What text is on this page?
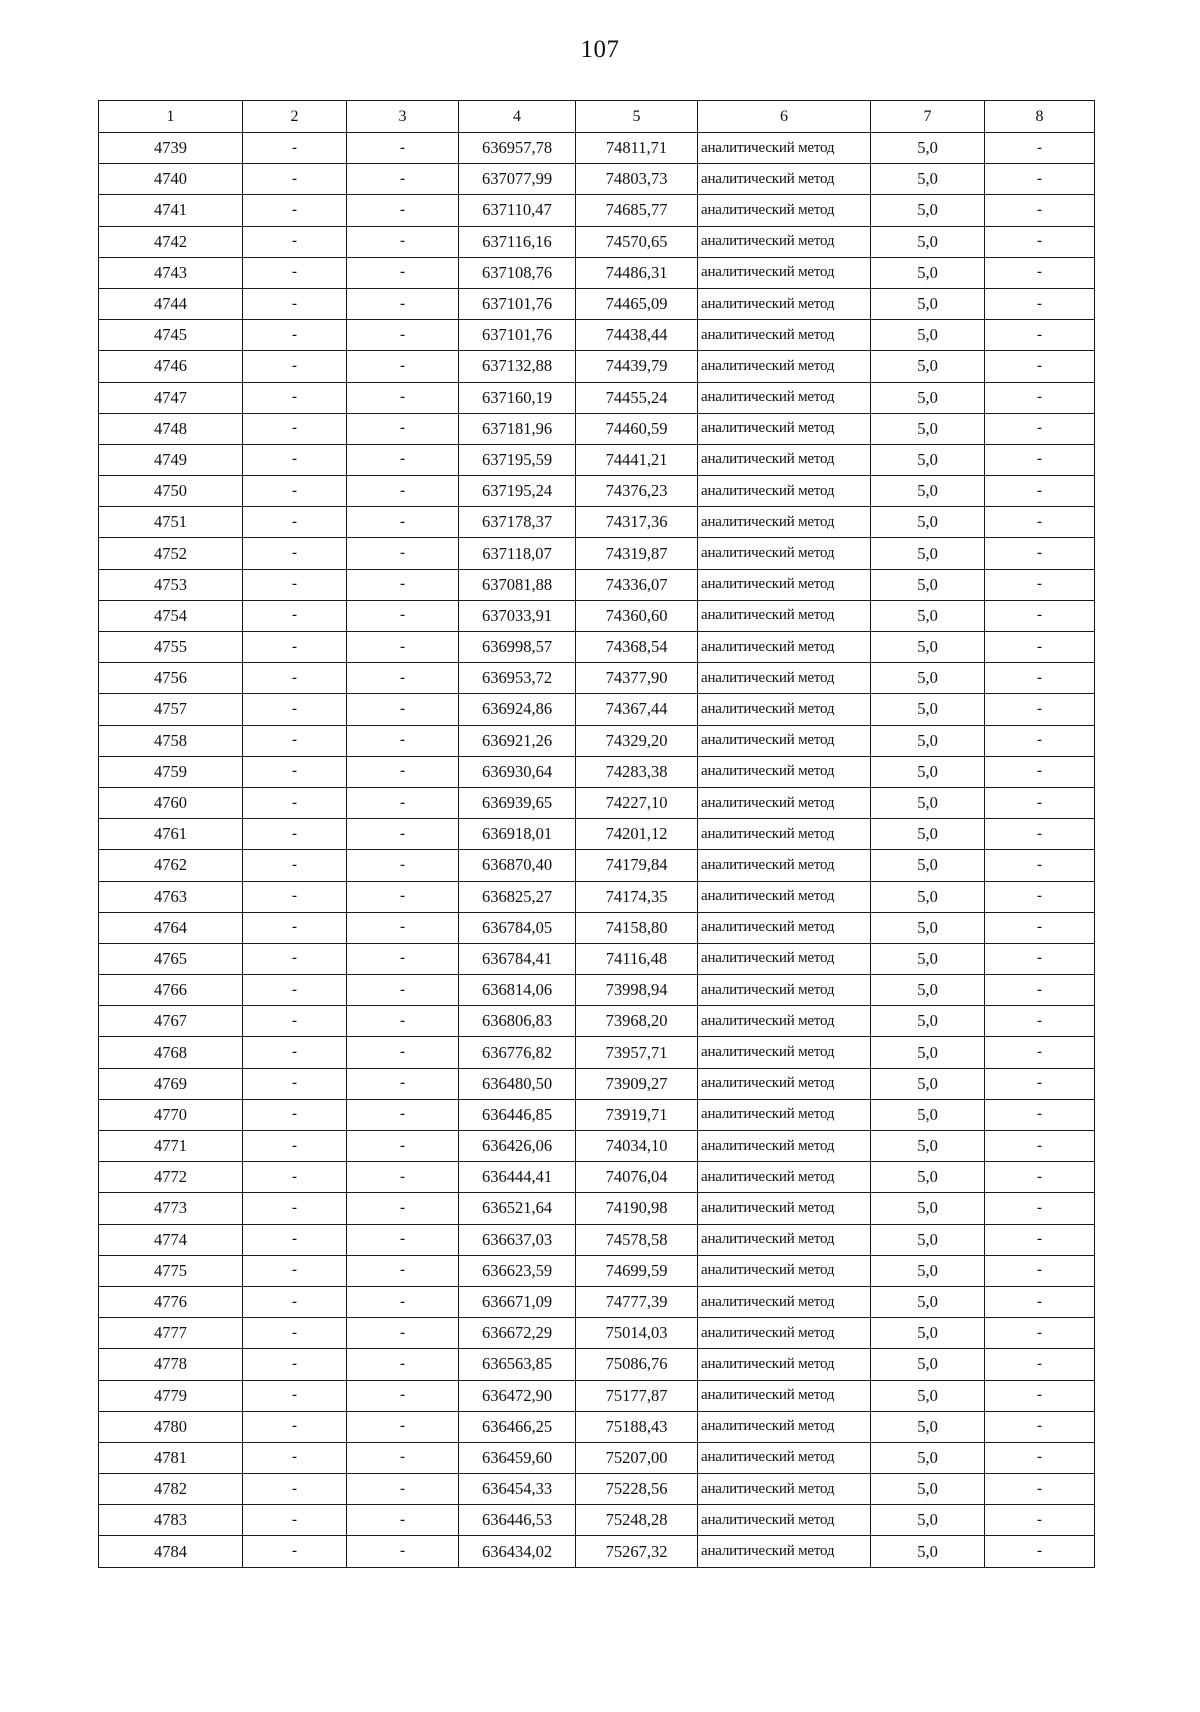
107
1	2	3	4	5	6	7	8
4739	-	-	636957,78	74811,71	аналитический метод	5,0	-
4740	-	-	637077,99	74803,73	аналитический метод	5,0	-
4741	-	-	637110,47	74685,77	аналитический метод	5,0	-
4742	-	-	637116,16	74570,65	аналитический метод	5,0	-
4743	-	-	637108,76	74486,31	аналитический метод	5,0	-
4744	-	-	637101,76	74465,09	аналитический метод	5,0	-
4745	-	-	637101,76	74438,44	аналитический метод	5,0	-
4746	-	-	637132,88	74439,79	аналитический метод	5,0	-
4747	-	-	637160,19	74455,24	аналитический метод	5,0	-
4748	-	-	637181,96	74460,59	аналитический метод	5,0	-
4749	-	-	637195,59	74441,21	аналитический метод	5,0	-
4750	-	-	637195,24	74376,23	аналитический метод	5,0	-
4751	-	-	637178,37	74317,36	аналитический метод	5,0	-
4752	-	-	637118,07	74319,87	аналитический метод	5,0	-
4753	-	-	637081,88	74336,07	аналитический метод	5,0	-
4754	-	-	637033,91	74360,60	аналитический метод	5,0	-
4755	-	-	636998,57	74368,54	аналитический метод	5,0	-
4756	-	-	636953,72	74377,90	аналитический метод	5,0	-
4757	-	-	636924,86	74367,44	аналитический метод	5,0	-
4758	-	-	636921,26	74329,20	аналитический метод	5,0	-
4759	-	-	636930,64	74283,38	аналитический метод	5,0	-
4760	-	-	636939,65	74227,10	аналитический метод	5,0	-
4761	-	-	636918,01	74201,12	аналитический метод	5,0	-
4762	-	-	636870,40	74179,84	аналитический метод	5,0	-
4763	-	-	636825,27	74174,35	аналитический метод	5,0	-
4764	-	-	636784,05	74158,80	аналитический метод	5,0	-
4765	-	-	636784,41	74116,48	аналитический метод	5,0	-
4766	-	-	636814,06	73998,94	аналитический метод	5,0	-
4767	-	-	636806,83	73968,20	аналитический метод	5,0	-
4768	-	-	636776,82	73957,71	аналитический метод	5,0	-
4769	-	-	636480,50	73909,27	аналитический метод	5,0	-
4770	-	-	636446,85	73919,71	аналитический метод	5,0	-
4771	-	-	636426,06	74034,10	аналитический метод	5,0	-
4772	-	-	636444,41	74076,04	аналитический метод	5,0	-
4773	-	-	636521,64	74190,98	аналитический метод	5,0	-
4774	-	-	636637,03	74578,58	аналитический метод	5,0	-
4775	-	-	636623,59	74699,59	аналитический метод	5,0	-
4776	-	-	636671,09	74777,39	аналитический метод	5,0	-
4777	-	-	636672,29	75014,03	аналитический метод	5,0	-
4778	-	-	636563,85	75086,76	аналитический метод	5,0	-
4779	-	-	636472,90	75177,87	аналитический метод	5,0	-
4780	-	-	636466,25	75188,43	аналитический метод	5,0	-
4781	-	-	636459,60	75207,00	аналитический метод	5,0	-
4782	-	-	636454,33	75228,56	аналитический метод	5,0	-
4783	-	-	636446,53	75248,28	аналитический метод	5,0	-
4784	-	-	636434,02	75267,32	аналитический метод	5,0	-
